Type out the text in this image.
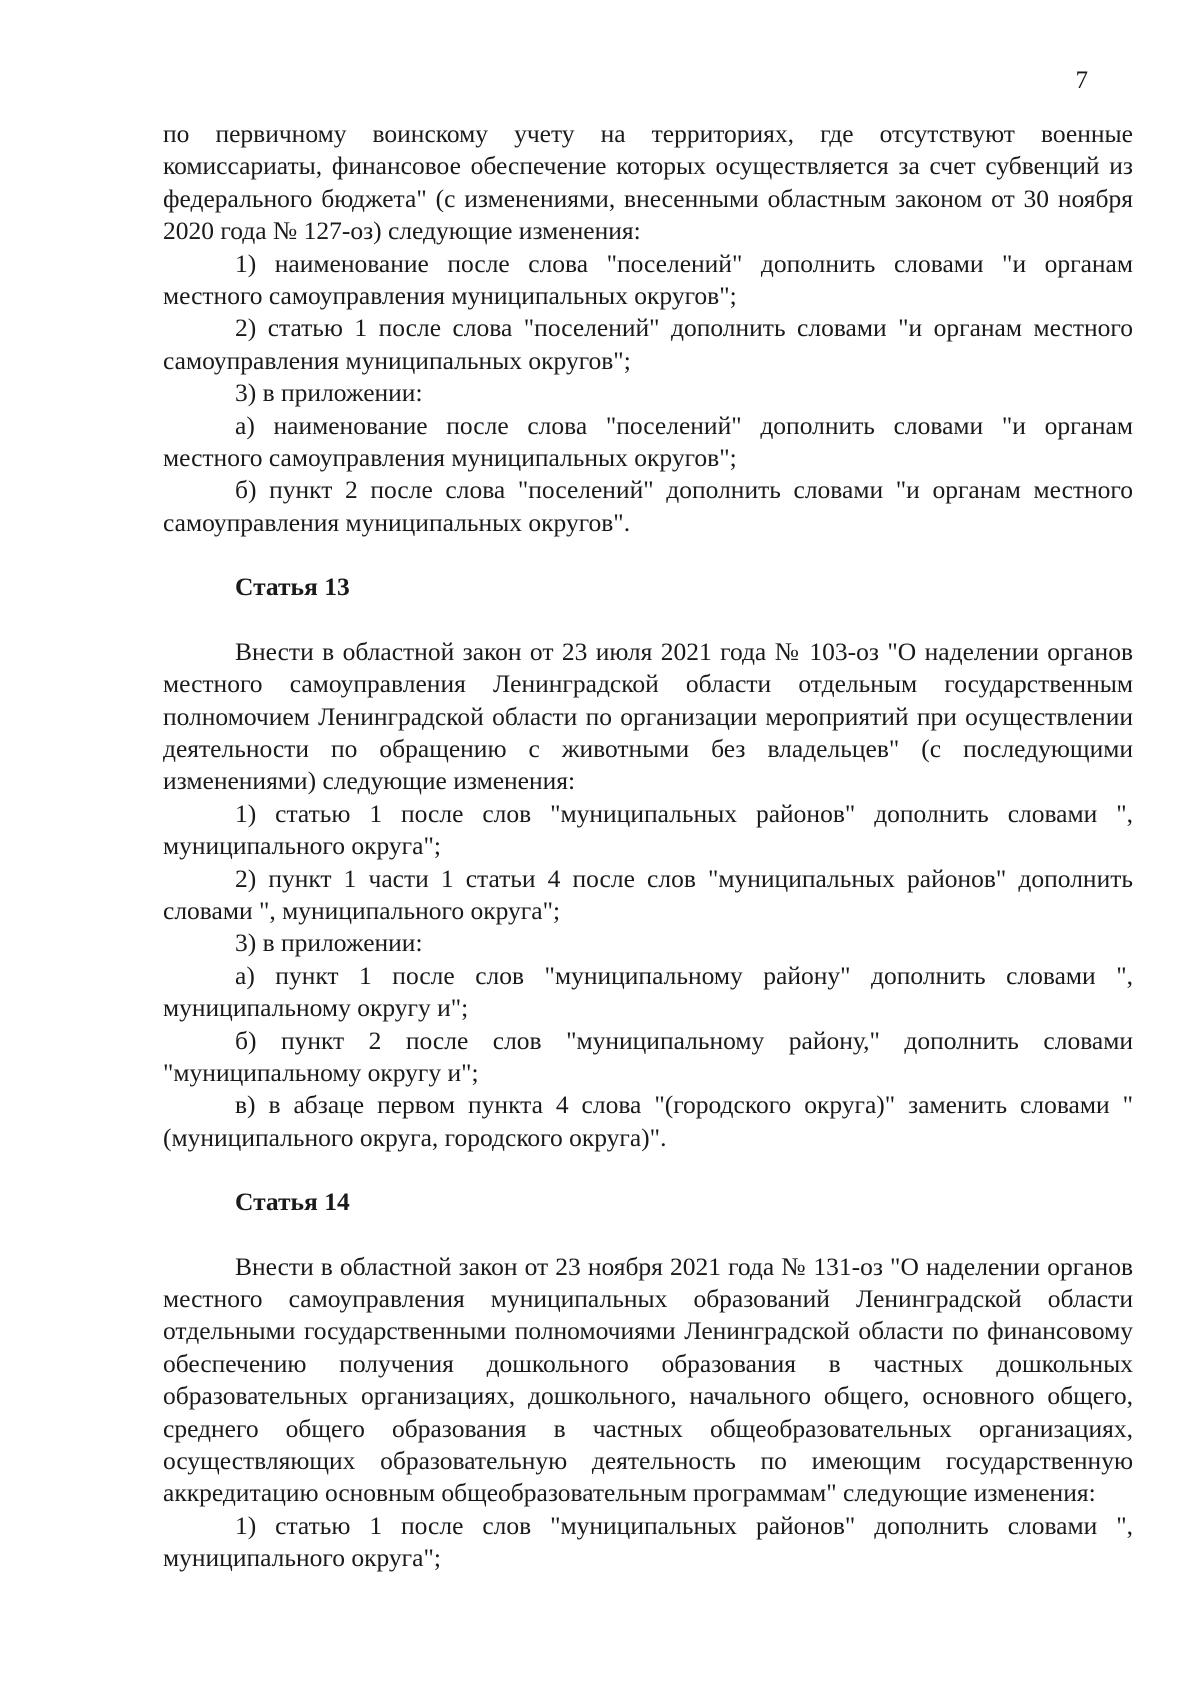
7

по первичному воинскому учету на территориях, где отсутствуют военные комиссариаты, финансовое обеспечение которых осуществляется за счет субвенций из федерального бюджета" (с изменениями, внесенными областным законом от 30 ноября 2020 года № 127-оз) следующие изменения:

1) наименование после слова "поселений" дополнить словами "и органам местного самоуправления муниципальных округов";

2) статью 1 после слова "поселений" дополнить словами "и органам местного самоуправления муниципальных округов";

3) в приложении:

а) наименование после слова "поселений" дополнить словами "и органам местного самоуправления муниципальных округов";

б) пункт 2 после слова "поселений" дополнить словами "и органам местного самоуправления муниципальных округов".

Статья 13

Внести в областной закон от 23 июля 2021 года № 103-оз "О наделении органов местного самоуправления Ленинградской области отдельным государственным полномочием Ленинградской области по организации мероприятий при осуществлении деятельности по обращению с животными без владельцев" (с последующими изменениями) следующие изменения:

1) статью 1 после слов "муниципальных районов" дополнить словами ", муниципального округа";

2) пункт 1 части 1 статьи 4 после слов "муниципальных районов" дополнить словами ", муниципального округа";

3) в приложении:

а) пункт 1 после слов "муниципальному району" дополнить словами ", муниципальному округу и";

б) пункт 2 после слов "муниципальному району," дополнить словами "муниципальному округу и";

в) в абзаце первом пункта 4 слова "(городского округа)" заменить словами "(муниципального округа, городского округа)".

Статья 14

Внести в областной закон от 23 ноября 2021 года № 131-оз "О наделении органов местного самоуправления муниципальных образований Ленинградской области отдельными государственными полномочиями Ленинградской области по финансовому обеспечению получения дошкольного образования в частных дошкольных образовательных организациях, дошкольного, начального общего, основного общего, среднего общего образования в частных общеобразовательных организациях, осуществляющих образовательную деятельность по имеющим государственную аккредитацию основным общеобразовательным программам" следующие изменения:

1) статью 1 после слов "муниципальных районов" дополнить словами ", муниципального округа";
